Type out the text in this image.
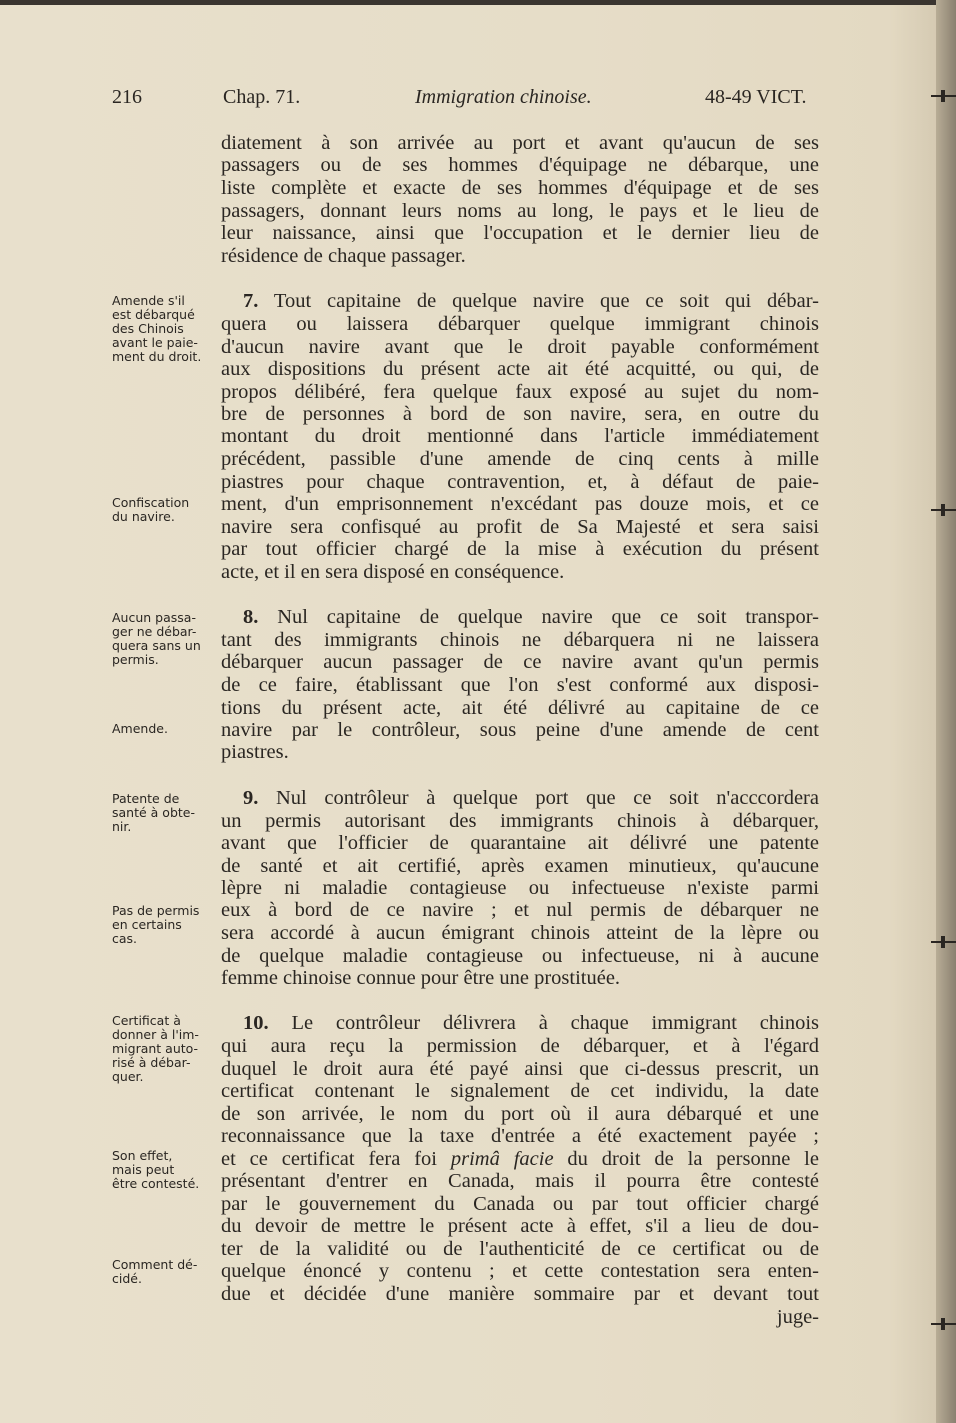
216	Chap. 71.	Immigration chinoise.	48-49 VICT.
diatement à son arrivée au port et avant qu'aucun de ses
passagers ou de ses hommes d'équipage ne débarque, une
liste complète et exacte de ses hommes d'équipage et de ses
passagers, donnant leurs noms au long, le pays et le lieu de
leur naissance, ainsi que l'occupation et le dernier lieu de
résidence de chaque passager.
7. Tout capitaine de quelque navire que ce soit qui débar-
quera ou laissera débarquer quelque immigrant chinois
d'aucun navire avant que le droit payable conformément
aux dispositions du présent acte ait été acquitté, ou qui, de
propos délibéré, fera quelque faux exposé au sujet du nom-
bre de personnes à bord de son navire, sera, en outre du
montant du droit mentionné dans l'article immédiatement
précédent, passible d'une amende de cinq cents à mille
piastres pour chaque contravention, et, à défaut de paie-
ment, d'un emprisonnement n'excédant pas douze mois, et ce
navire sera confisqué au profit de Sa Majesté et sera saisi
par tout officier chargé de la mise à exécution du présent
acte, et il en sera disposé en conséquence.
8. Nul capitaine de quelque navire que ce soit transpor-
tant des immigrants chinois ne débarquera ni ne laissera
débarquer aucun passager de ce navire avant qu'un permis
de ce faire, établissant que l'on s'est conformé aux disposi-
tions du présent acte, ait été délivré au capitaine de ce
navire par le contrôleur, sous peine d'une amende de cent
piastres.
9. Nul contrôleur à quelque port que ce soit n'acccordera
un permis autorisant des immigrants chinois à débarquer,
avant que l'officier de quarantaine ait délivré une patente
de santé et ait certifié, après examen minutieux, qu'aucune
lèpre ni maladie contagieuse ou infectueuse n'existe parmi
eux à bord de ce navire ; et nul permis de débarquer ne
sera accordé à aucun émigrant chinois atteint de la lèpre ou
de quelque maladie contagieuse ou infectueuse, ni à aucune
femme chinoise connue pour être une prostituée.
10. Le contrôleur délivrera à chaque immigrant chinois
qui aura reçu la permission de débarquer, et à l'égard
duquel le droit aura été payé ainsi que ci-dessus prescrit, un
certificat contenant le signalement de cet individu, la date
de son arrivée, le nom du port où il aura débarqué et une
reconnaissance que la taxe d'entrée a été exactement payée ;
et ce certificat fera foi primâ facie du droit de la personne le
présentant d'entrer en Canada, mais il pourra être contesté
par le gouvernement du Canada ou par tout officier chargé
du devoir de mettre le présent acte à effet, s'il a lieu de dou-
ter de la validité ou de l'authenticité de ce certificat ou de
quelque énoncé y contenu ; et cette contestation sera enten-
due et décidée d'une manière sommaire par et devant tout
juge-
Amende s'il
est débarqué
des Chinois
avant le paie-
ment du droit.
Confiscation
du navire.
Aucun passa-
ger ne débar-
quera sans un
permis.
Amende.
Patente de
santé à obte-
nir.
Pas de permis
en certains
cas.
Certificat à
donner à l'im-
migrant auto-
risé à débar-
quer.
Son effet,
mais peut
être contesté.
Comment dé-
cidé.
